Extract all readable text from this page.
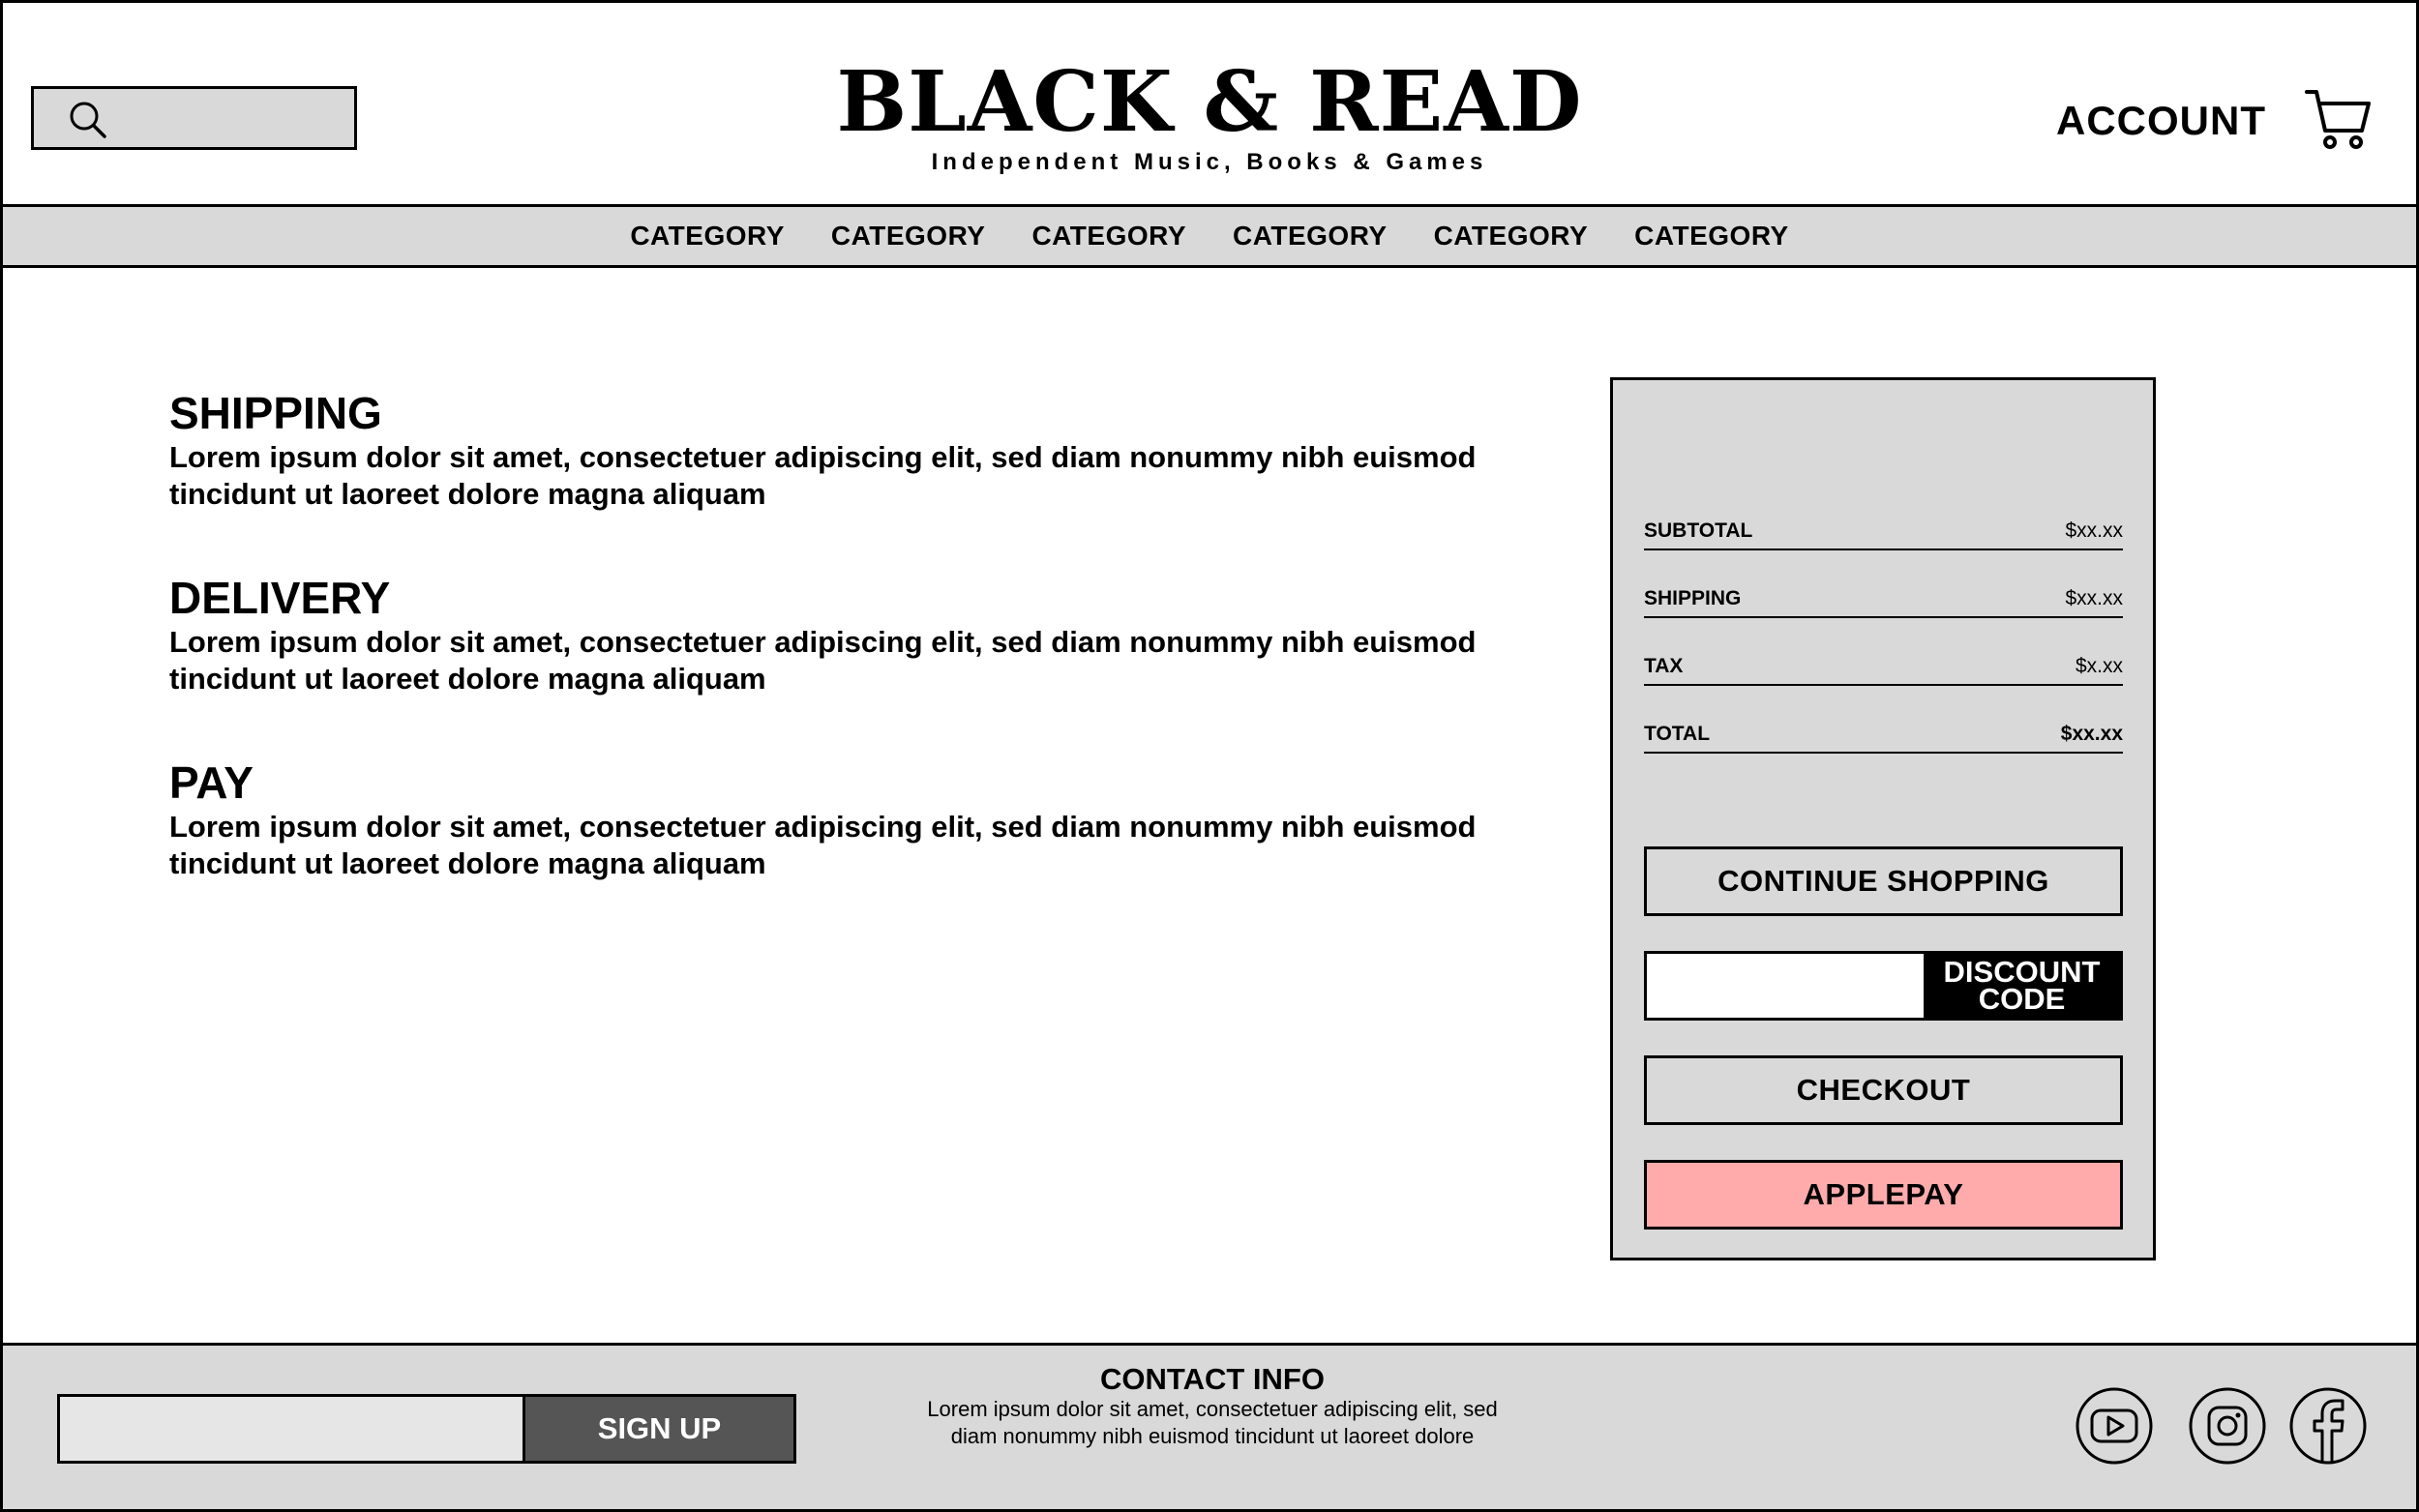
BLACK & READ
Independent Music, Books & Games
ACCOUNT
CATEGORY CATEGORY CATEGORY CATEGORY CATEGORY CATEGORY
SHIPPING

Lorem ipsum dolor sit amet, consectetuer adipiscing elit, sed diam nonummy nibh euismod tincidunt ut laoreet dolore magna aliquam

DELIVERY

Lorem ipsum dolor sit amet, consectetuer adipiscing elit, sed diam nonummy nibh euismod tincidunt ut laoreet dolore magna aliquam

PAY

Lorem ipsum dolor sit amet, consectetuer adipiscing elit, sed diam nonummy nibh euismod tincidunt ut laoreet dolore magna aliquam

SUBTOTAL	$xx.xx
SHIPPING	$xx.xx
TAX	$x.xx
TOTAL	$xx.xx
CONTINUE SHOPPING
DISCOUNT
CODE
CHECKOUT
APPLEPAY
SIGN UP
CONTACT INFO
Lorem ipsum dolor sit amet, consectetuer adipiscing elit, sed diam nonummy nibh euismod tincidunt ut laoreet dolore
